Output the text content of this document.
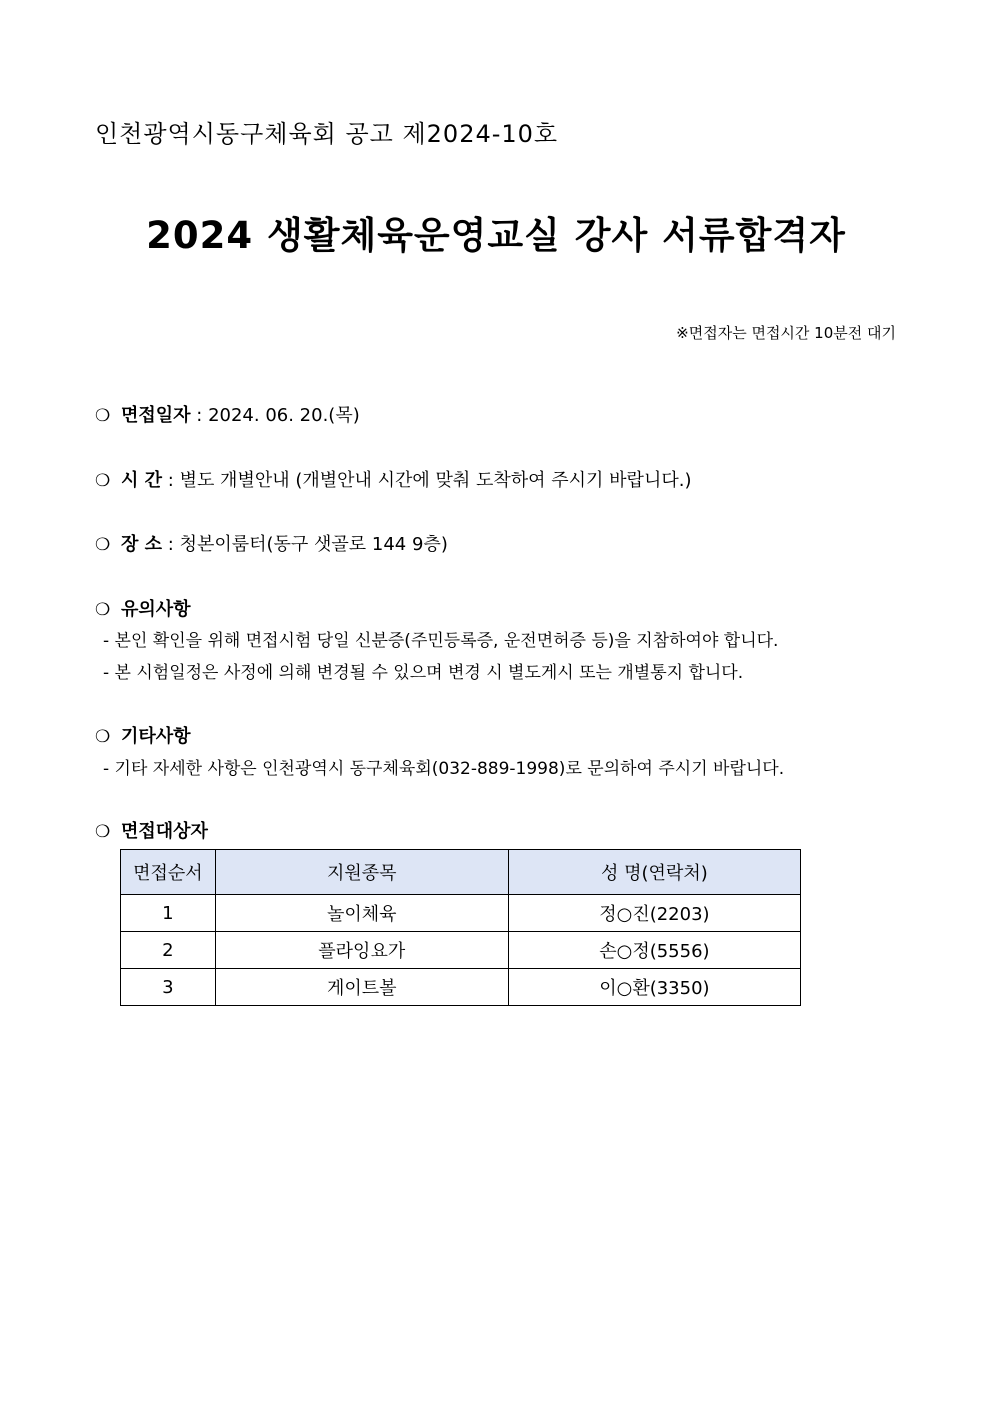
인천광역시동구체육회 공고 제2024-10호
2024 생활체육운영교실 강사 서류합격자
※면접자는 면접시간 10분전 대기
❍ 면접일자 : 2024. 06. 20.(목)
❍ 시 간 : 별도 개별안내 (개별안내 시간에 맞춰 도착하여 주시기 바랍니다.)
❍ 장 소 : 청본이룸터(동구 샛골로 144 9층)
❍ 유의사항
- 본인 확인을 위해 면접시험 당일 신분증(주민등록증, 운전면허증 등)을 지참하여야 합니다.
- 본 시험일정은 사정에 의해 변경될 수 있으며 변경 시 별도게시 또는 개별통지 합니다.
❍ 기타사항
- 기타 자세한 사항은 인천광역시 동구체육회(032-889-1998)로 문의하여 주시기 바랍니다.
❍ 면접대상자
면접순서	지원종목	성 명(연락처)
1	놀이체육	정○진(2203)
2	플라잉요가	손○정(5556)
3	게이트볼	이○환(3350)
